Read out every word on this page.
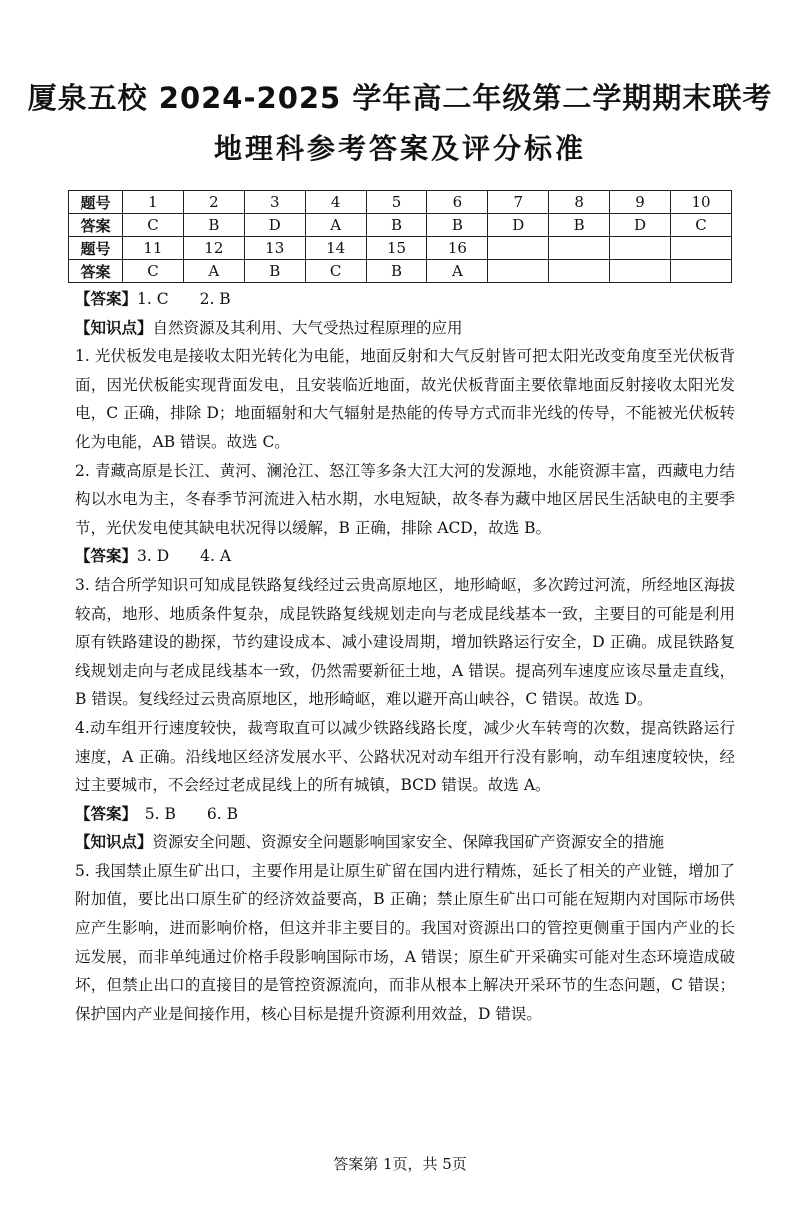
厦泉五校 2024-2025 学年高二年级第二学期期末联考
地理科参考答案及评分标准
题号	1	2	3	4	5	6	7	8	9	10
答案	C	B	D	A	B	B	D	B	D	C
题号	11	12	13	14	15	16				
答案	C	A	B	C	B	A				

【答案】1. C　　2. B

【知识点】自然资源及其利用、大气受热过程原理的应用

1. 光伏板发电是接收太阳光转化为电能，地面反射和大气反射皆可把太阳光改变角度至光伏板背面，因光伏板能实现背面发电，且安装临近地面，故光伏板背面主要依靠地面反射接收太阳光发电，C 正确，排除 D；地面辐射和大气辐射是热能的传导方式而非光线的传导，不能被光伏板转化为电能，AB 错误。故选 C。

2. 青藏高原是长江、黄河、澜沧江、怒江等多条大江大河的发源地，水能资源丰富，西藏电力结构以水电为主，冬春季节河流进入枯水期，水电短缺，故冬春为藏中地区居民生活缺电的主要季节，光伏发电使其缺电状况得以缓解，B 正确，排除 ACD，故选 B。

【答案】3. D　　4. A

3. 结合所学知识可知成昆铁路复线经过云贵高原地区，地形崎岖，多次跨过河流，所经地区海拔较高，地形、地质条件复杂，成昆铁路复线规划走向与老成昆线基本一致，主要目的可能是利用原有铁路建设的勘探，节约建设成本、减小建设周期，增加铁路运行安全，D 正确。成昆铁路复线规划走向与老成昆线基本一致，仍然需要新征土地，A 错误。提高列车速度应该尽量走直线，B 错误。复线经过云贵高原地区，地形崎岖，难以避开高山峡谷，C 错误。故选 D。

4.动车组开行速度较快，裁弯取直可以减少铁路线路长度，减少火车转弯的次数，提高铁路运行速度，A 正确。沿线地区经济发展水平、公路状况对动车组开行没有影响，动车组速度较快，经过主要城市，不会经过老成昆线上的所有城镇，BCD 错误。故选 A。

【答案】　5. B　　6. B

【知识点】资源安全问题、资源安全问题影响国家安全、保障我国矿产资源安全的措施

5. 我国禁止原生矿出口，主要作用是让原生矿留在国内进行精炼，延长了相关的产业链，增加了附加值，要比出口原生矿的经济效益要高，B 正确；禁止原生矿出口可能在短期内对国际市场供应产生影响，进而影响价格，但这并非主要目的。我国对资源出口的管控更侧重于国内产业的长远发展，而非单纯通过价格手段影响国际市场，A 错误；原生矿开采确实可能对生态环境造成破坏，但禁止出口的直接目的是管控资源流向，而非从根本上解决开采环节的生态问题，C 错误；保护国内产业是间接作用，核心目标是提升资源利用效益，D 错误。

答案第 1页，共 5页
